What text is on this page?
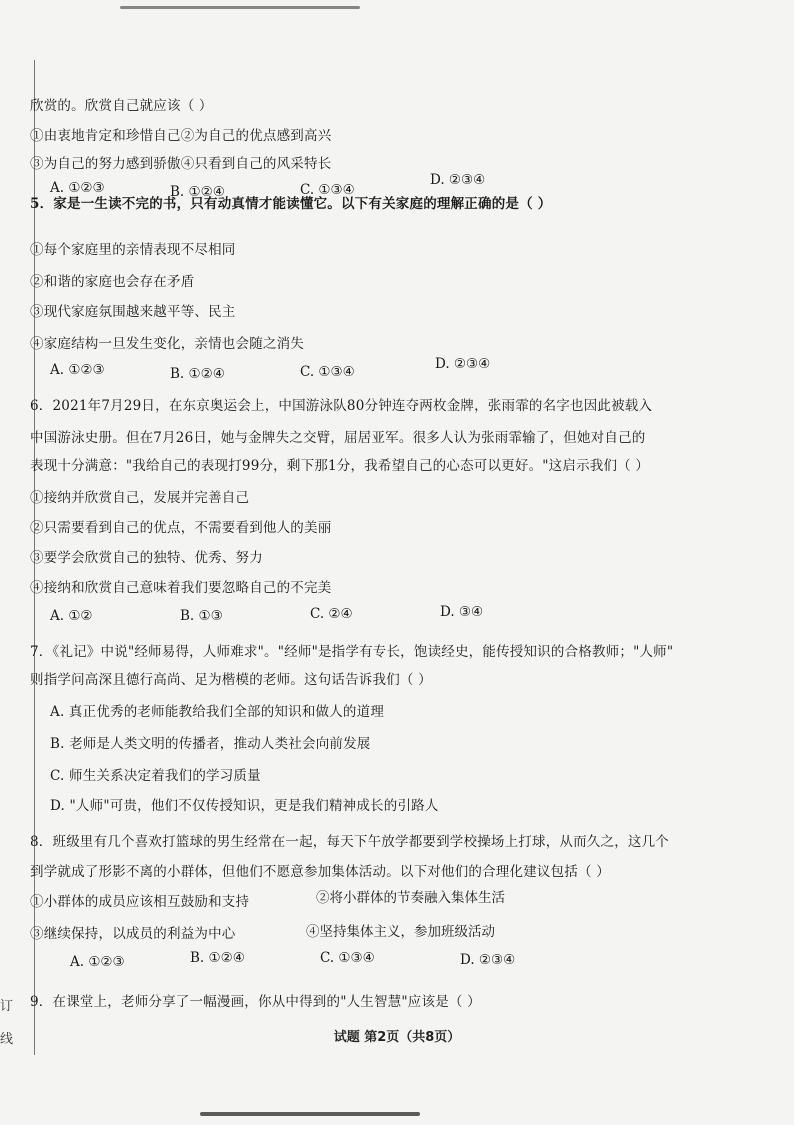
订
线
欣赏的。欣赏自己就应该（ ）
①由衷地肯定和珍惜自己②为自己的优点感到高兴
③为自己的努力感到骄傲④只看到自己的风采特长
A. ①②③	B. ①②④	C. ①③④
D. ②③④
5．家是一生读不完的书，只有动真情才能读懂它。以下有关家庭的理解正确的是（ ）
①每个家庭里的亲情表现不尽相同
②和谐的家庭也会存在矛盾
③现代家庭氛围越来越平等、民主
④家庭结构一旦发生变化，亲情也会随之消失
A. ①②③	B. ①②④	C. ①③④	D. ②③④
6．2021年7月29日，在东京奥运会上，中国游泳队80分钟连夺两枚金牌，张雨霏的名字也因此被载入
中国游泳史册。但在7月26日，她与金牌失之交臂，屈居亚军。很多人认为张雨霏输了，但她对自己的
表现十分满意："我给自己的表现打99分，剩下那1分，我希望自己的心态可以更好。"这启示我们（ ）
①接纳并欣赏自己，发展并完善自己
②只需要看到自己的优点，不需要看到他人的美丽
③要学会欣赏自己的独特、优秀、努力
④接纳和欣赏自己意味着我们要忽略自己的不完美
A. ①②	B. ①③	C. ②④	D. ③④
7．《礼记》中说"经师易得，人师难求"。"经师"是指学有专长，饱读经史，能传授知识的合格教师；"人师"
则指学问高深且德行高尚、足为楷模的老师。这句话告诉我们（ ）
A. 真正优秀的老师能教给我们全部的知识和做人的道理
B. 老师是人类文明的传播者，推动人类社会向前发展
C. 师生关系决定着我们的学习质量
D. "人师"可贵，他们不仅传授知识，更是我们精神成长的引路人
8．班级里有几个喜欢打篮球的男生经常在一起，每天下午放学都要到学校操场上打球，从而久之，这几个
到学就成了形影不离的小群体，但他们不愿意参加集体活动。以下对他们的合理化建议包括（ ）
①小群体的成员应该相互鼓励和支持	②将小群体的节奏融入集体生活
③继续保持，以成员的利益为中心	④坚持集体主义，参加班级活动
A. ①②③	B. ①②④	C. ①③④	D. ②③④
9．在课堂上，老师分享了一幅漫画，你从中得到的"人生智慧"应该是（ ）
试题 第2页（共8页）
